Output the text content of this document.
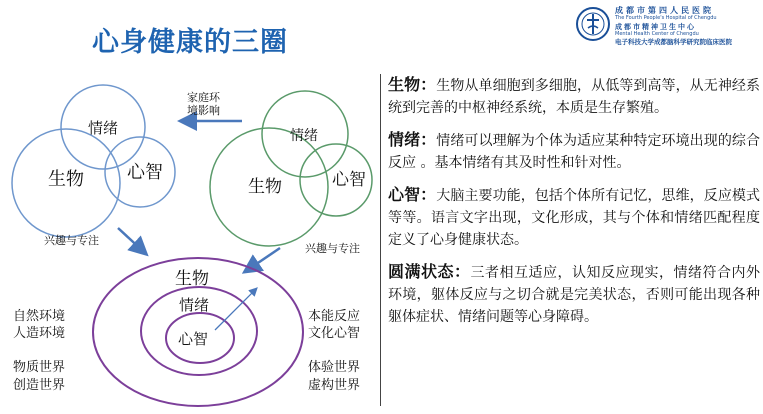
心身健康的三圈
成都市第四人民医院
The Fourth People's Hospital of Chengdu
成都市精神卫生中心
Mental Health Center of Chengdu
电子科技大学成都脑科学研究院临床医院
情绪
生物 心智
情绪
生物	心智
家庭环
境影响
兴趣与专注
兴趣与专注
生物
情绪
心智
自然环境
人造环境
物质世界
创造世界
本能反应
文化心智
体验世界
虚构世界
生物：生物从单细胞到多细胞，从低等到高等，从无神经系统到完善的中枢神经系统，本质是生存繁殖。
情绪：情绪可以理解为个体为适应某种特定环境出现的综合反应 。基本情绪有其及时性和针对性。
心智：大脑主要功能，包括个体所有记忆，思维，反应模式等等。语言文字出现，文化形成，其与个体和情绪匹配程度定义了心身健康状态。
圆满状态：三者相互适应，认知反应现实，情绪符合内外环境，躯体反应与之切合就是完美状态，否则可能出现各种躯体症状、情绪问题等心身障碍。
